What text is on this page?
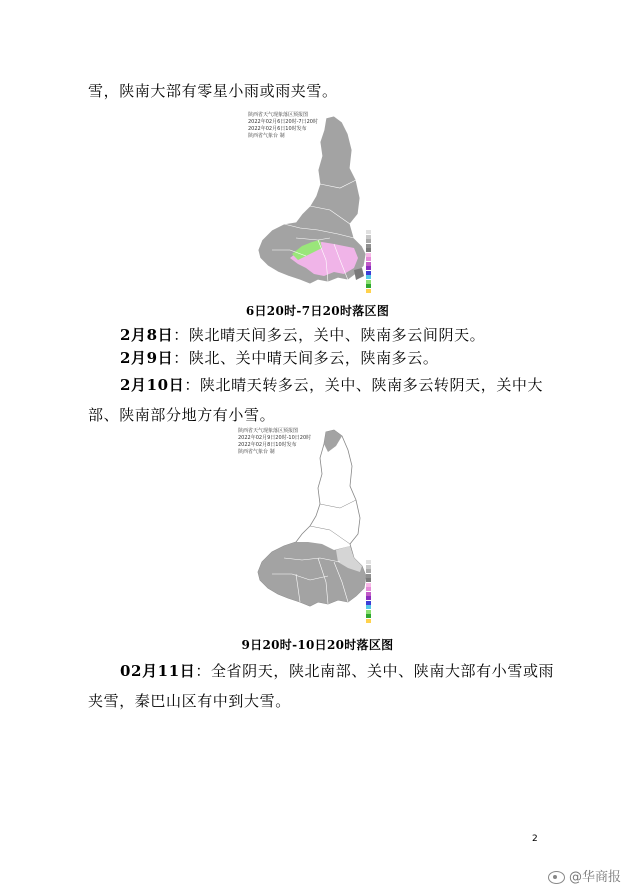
雪，陕南大部有零星小雨或雨夹雪。

陕西省天气现象落区预报图
2022年02月6日20时-7日20时
2022年02月6日10时发布
陕西省气象台 制
6日20时-7日20时落区图

2月8日：陕北晴天间多云，关中、陕南多云间阴天。

2月9日：陕北、关中晴天间多云，陕南多云。

2月10日：陕北晴天转多云，关中、陕南多云转阴天，关中大部、陕南部分地方有小雪。

陕西省天气现象落区预报图
2022年02月9日20时-10日20时
2022年02月8日10时发布
陕西省气象台 制
9日20时-10日20时落区图

02月11日：全省阴天，陕北南部、关中、陕南大部有小雪或雨夹雪，秦巴山区有中到大雪。

2
@华商报
